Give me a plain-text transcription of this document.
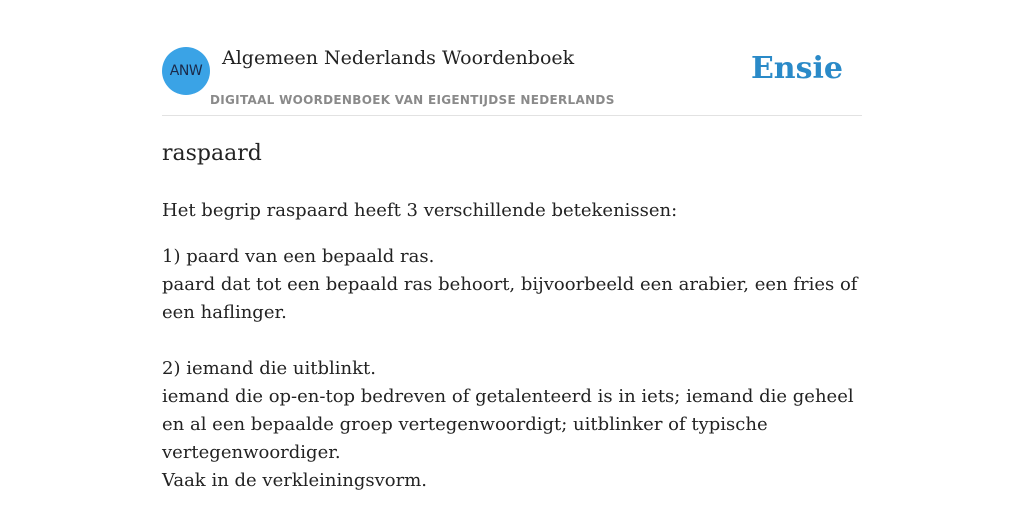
ANW
Algemeen Nederlands Woordenboek
DIGITAAL WOORDENBOEK VAN EIGENTIJDSE NEDERLANDS
Ensie
raspaard

Het begrip raspaard heeft 3 verschillende betekenissen:

1) paard van een bepaald ras.
paard dat tot een bepaald ras behoort, bijvoorbeeld een arabier, een fries of een haflinger.
2) iemand die uitblinkt.
iemand die op-en-top bedreven of getalenteerd is in iets; iemand die geheel en al een bepaalde groep vertegenwoordigt; uitblinker of typische vertegenwoordiger.
Vaak in de verkleiningsvorm.
